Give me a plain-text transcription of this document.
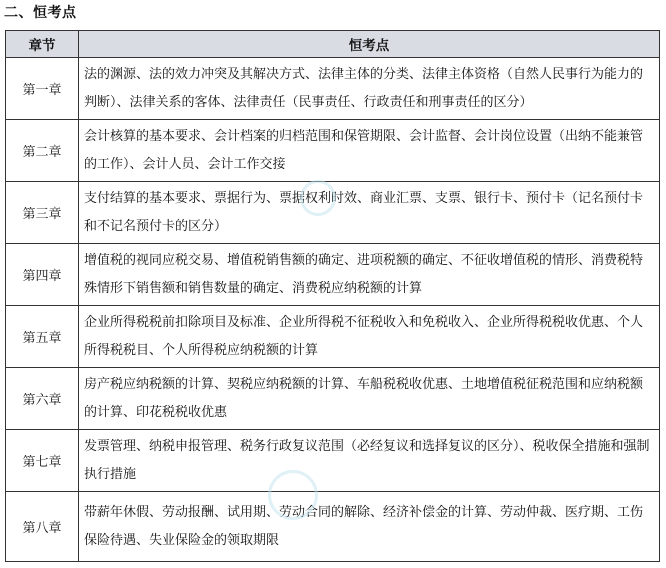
二、恒考点
章节	恒考点
第一章	法的渊源、法的效力冲突及其解决方式、法律主体的分类、法律主体资格（自然人民事行为能力的判断）、法律关系的客体、法律责任（民事责任、行政责任和刑事责任的区分）
第二章	会计核算的基本要求、会计档案的归档范围和保管期限、会计监督、会计岗位设置（出纳不能兼管的工作）、会计人员、会计工作交接
第三章	支付结算的基本要求、票据行为、票据权利时效、商业汇票、支票、银行卡、预付卡（记名预付卡和不记名预付卡的区分）
第四章	增值税的视同应税交易、增值税销售额的确定、进项税额的确定、不征收增值税的情形、消费税特殊情形下销售额和销售数量的确定、消费税应纳税额的计算
第五章	企业所得税税前扣除项目及标准、企业所得税不征税收入和免税收入、企业所得税税收优惠、个人所得税税目、个人所得税应纳税额的计算
第六章	房产税应纳税额的计算、契税应纳税额的计算、车船税税收优惠、土地增值税征税范围和应纳税额的计算、印花税税收优惠
第七章	发票管理、纳税申报管理、税务行政复议范围（必经复议和选择复议的区分）、税收保全措施和强制执行措施
第八章	带薪年休假、劳动报酬、试用期、劳动合同的解除、经济补偿金的计算、劳动仲裁、医疗期、工伤保险待遇、失业保险金的领取期限
